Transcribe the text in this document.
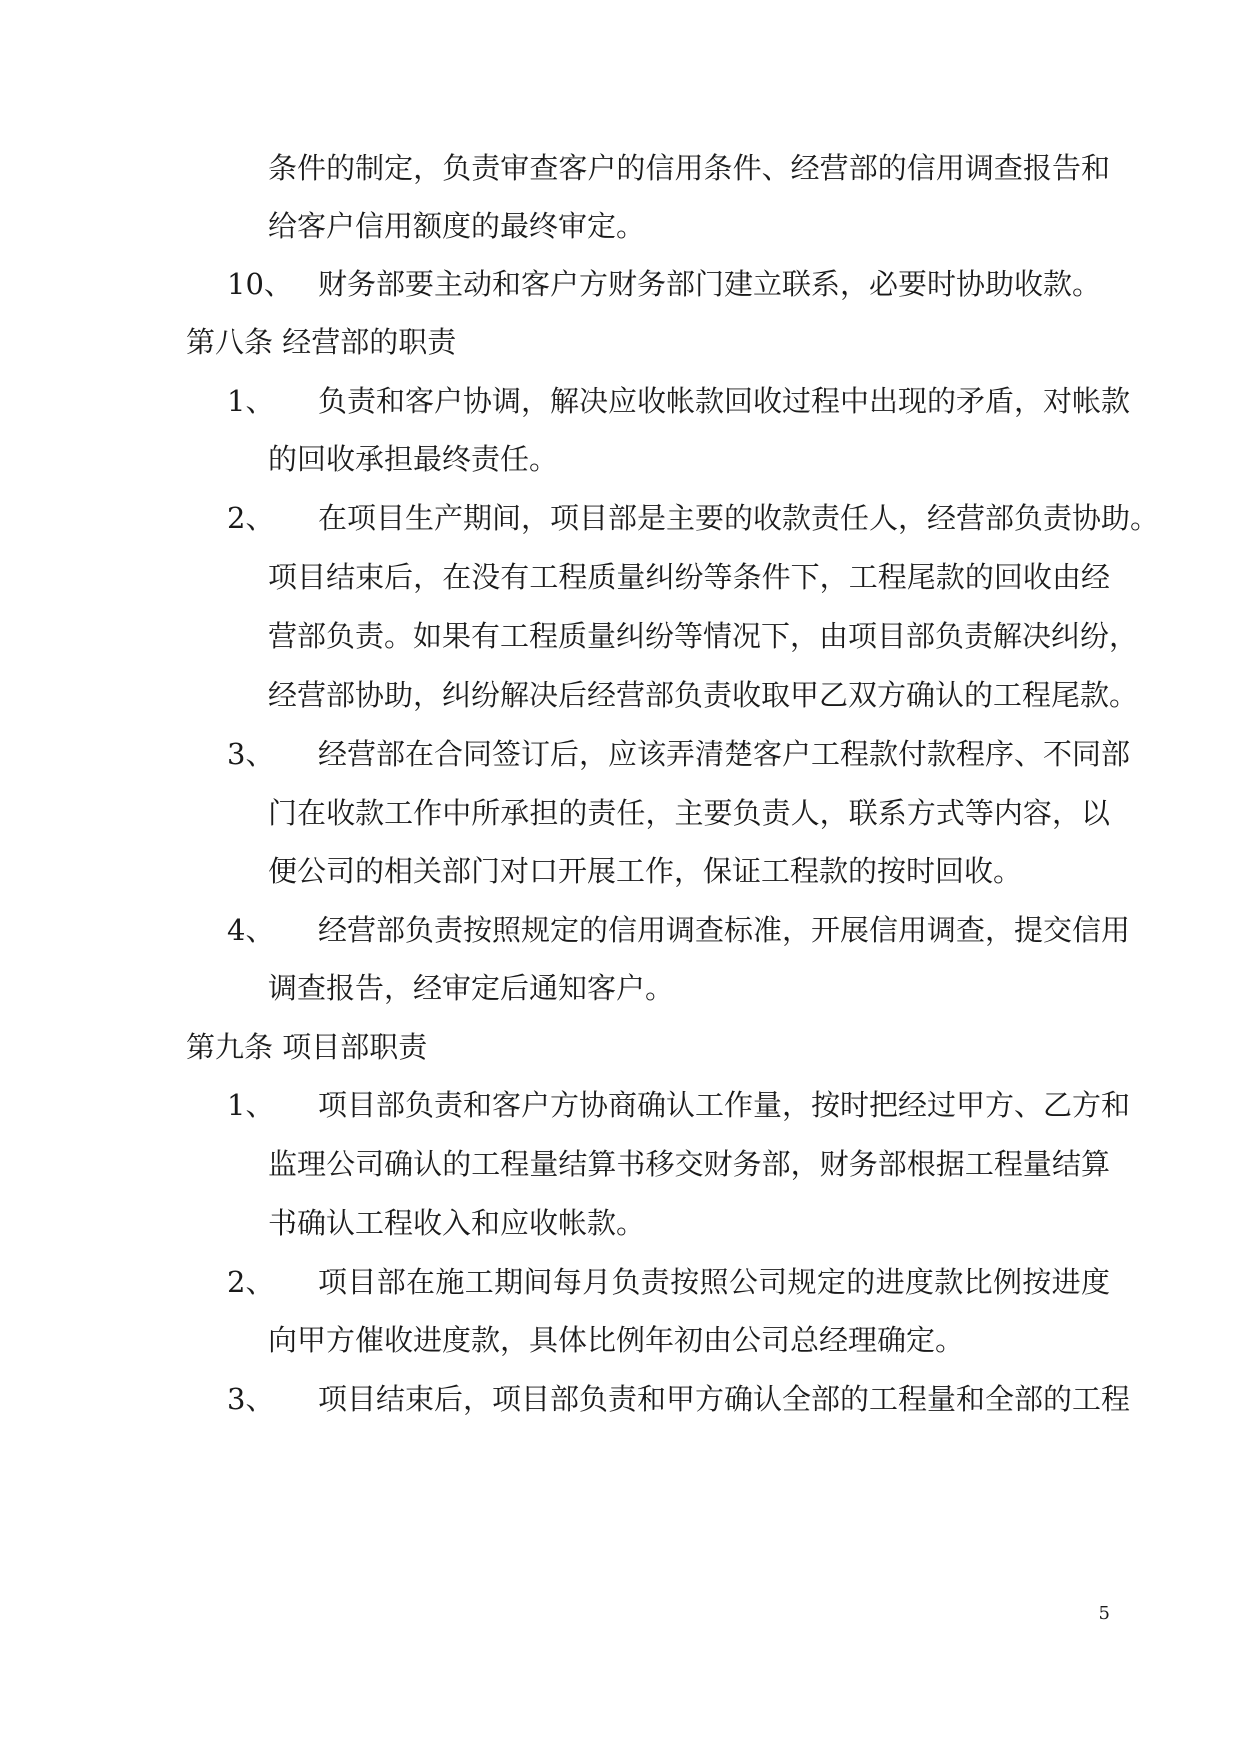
条件的制定，负责审查客户的信用条件、经营部的信用调查报告和

给客户信用额度的最终审定。

10、 财务部要主动和客户方财务部门建立联系，必要时协助收款。

第八条 经营部的职责
1、 负责和客户协调，解决应收帐款回收过程中出现的矛盾，对帐款

的回收承担最终责任。

2、 在项目生产期间，项目部是主要的收款责任人，经营部负责协助。

项目结束后，在没有工程质量纠纷等条件下，工程尾款的回收由经

营部负责。如果有工程质量纠纷等情况下，由项目部负责解决纠纷，

经营部协助，纠纷解决后经营部负责收取甲乙双方确认的工程尾款。

3、 经营部在合同签订后，应该弄清楚客户工程款付款程序、不同部

门在收款工作中所承担的责任，主要负责人，联系方式等内容，以

便公司的相关部门对口开展工作，保证工程款的按时回收。

4、 经营部负责按照规定的信用调查标准，开展信用调查，提交信用

调查报告，经审定后通知客户。

第九条 项目部职责
1、 项目部负责和客户方协商确认工作量，按时把经过甲方、乙方和

监理公司确认的工程量结算书移交财务部，财务部根据工程量结算

书确认工程收入和应收帐款。

2、 项目部在施工期间每月负责按照公司规定的进度款比例按进度

向甲方催收进度款，具体比例年初由公司总经理确定。

3、 项目结束后，项目部负责和甲方确认全部的工程量和全部的工程

5
